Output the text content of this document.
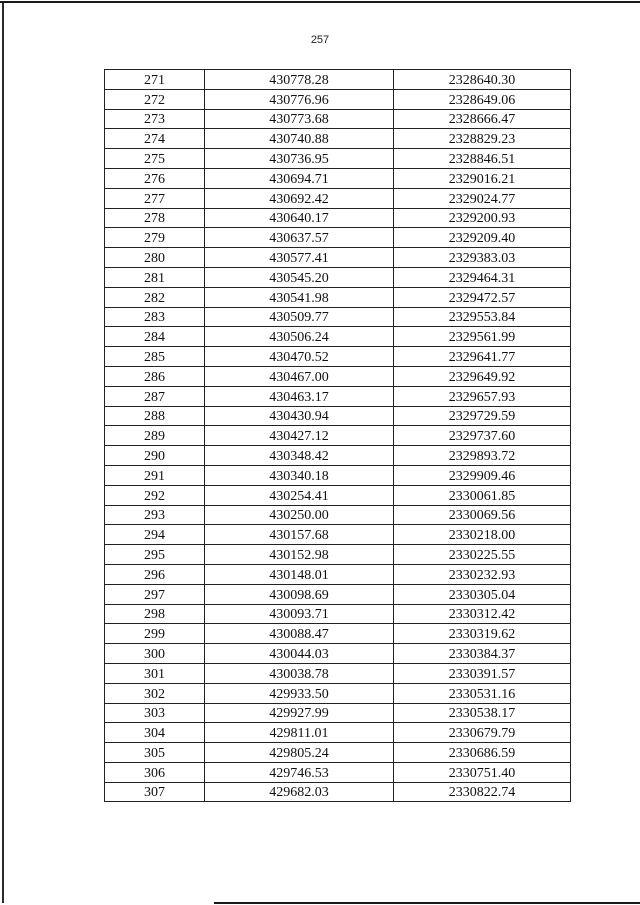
257
271	430778.28	2328640.30
272	430776.96	2328649.06
273	430773.68	2328666.47
274	430740.88	2328829.23
275	430736.95	2328846.51
276	430694.71	2329016.21
277	430692.42	2329024.77
278	430640.17	2329200.93
279	430637.57	2329209.40
280	430577.41	2329383.03
281	430545.20	2329464.31
282	430541.98	2329472.57
283	430509.77	2329553.84
284	430506.24	2329561.99
285	430470.52	2329641.77
286	430467.00	2329649.92
287	430463.17	2329657.93
288	430430.94	2329729.59
289	430427.12	2329737.60
290	430348.42	2329893.72
291	430340.18	2329909.46
292	430254.41	2330061.85
293	430250.00	2330069.56
294	430157.68	2330218.00
295	430152.98	2330225.55
296	430148.01	2330232.93
297	430098.69	2330305.04
298	430093.71	2330312.42
299	430088.47	2330319.62
300	430044.03	2330384.37
301	430038.78	2330391.57
302	429933.50	2330531.16
303	429927.99	2330538.17
304	429811.01	2330679.79
305	429805.24	2330686.59
306	429746.53	2330751.40
307	429682.03	2330822.74
